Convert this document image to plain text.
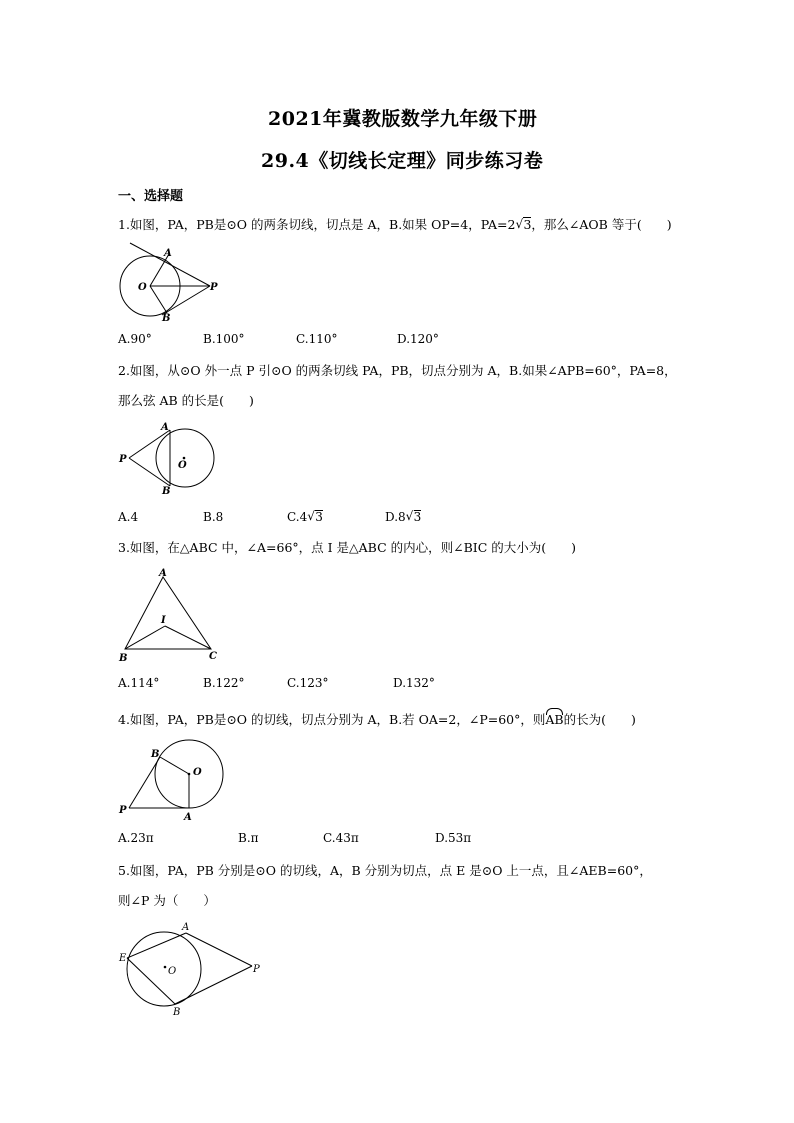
2021年冀教版数学九年级下册
29.4《切线长定理》同步练习卷
一、选择题
1.如图，PA，PB是⊙O 的两条切线，切点是 A，B.如果 OP=4，PA=2 √ 3，那么∠AOB 等于(　　)
A
O	P
B
A.90°	B.100°	C.110°	D.120°
2.如图，从⊙O 外一点 P 引⊙O 的两条切线 PA，PB，切点分别为 A，B.如果∠APB=60°，PA=8，
那么弦 AB 的长是(　　)
A
P
O
B
A.4	B.8	C.4 √ 3	D.8 √ 3
3.如图，在△ABC 中，∠A=66°，点 I 是△ABC 的内心，则∠BIC 的大小为(　　)
A
I
B	C
A.114°	B.122°	C.123°	D.132°
4.如图，PA，PB是⊙O 的切线，切点分别为 A，B.若 OA=2，∠P=60°，则AB的长为(　　)
B
O
P
A
A.23π	B.π	C.43π	D.53π
5.如图，PA，PB 分别是⊙O 的切线，A，B 分别为切点，点 E 是⊙O 上一点，且∠AEB=60°，
则∠P 为（　　）
A
E
O	P
B
